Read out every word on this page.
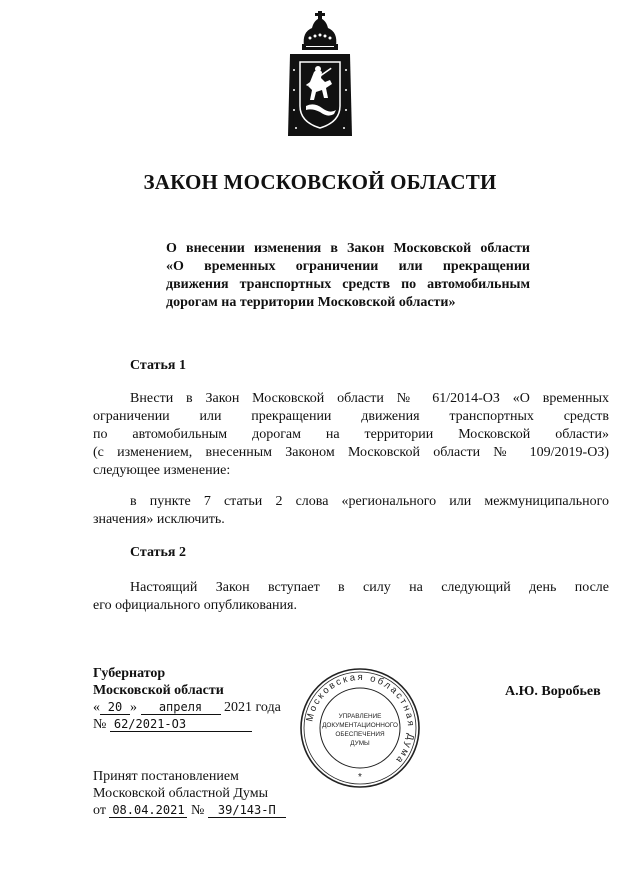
ЗАКОН МОСКОВСКОЙ ОБЛАСТИ
О внесении изменения в Закон Московской области
«О временных ограничении или прекращении
движения транспортных средств по автомобильным
дорогам на территории Московской области»
Статья 1
Внести в Закон Московской области № 61/2014-ОЗ «О временных
ограничении или прекращении движения транспортных средств
по автомобильным дорогам на территории Московской области»
(с изменением, внесенным Законом Московской области № 109/2019-ОЗ)
следующее изменение:
в пункте 7 статьи 2 слова «регионального или межмуниципального
значения» исключить.
Статья 2
Настоящий Закон вступает в силу на следующий день после
его официального опубликования.
Губернатор
Московской области
« 20 » апреля 2021 года
№ 62/2021-ОЗ
А.Ю. Воробьев
Московская областная Дума
УПРАВЛЕНИЕ
ДОКУМЕНТАЦИОННОГО
ОБЕСПЕЧЕНИЯ
ДУМЫ
*
Принят постановлением
Московской областной Думы
от 08.04.2021 № 39/143-П
